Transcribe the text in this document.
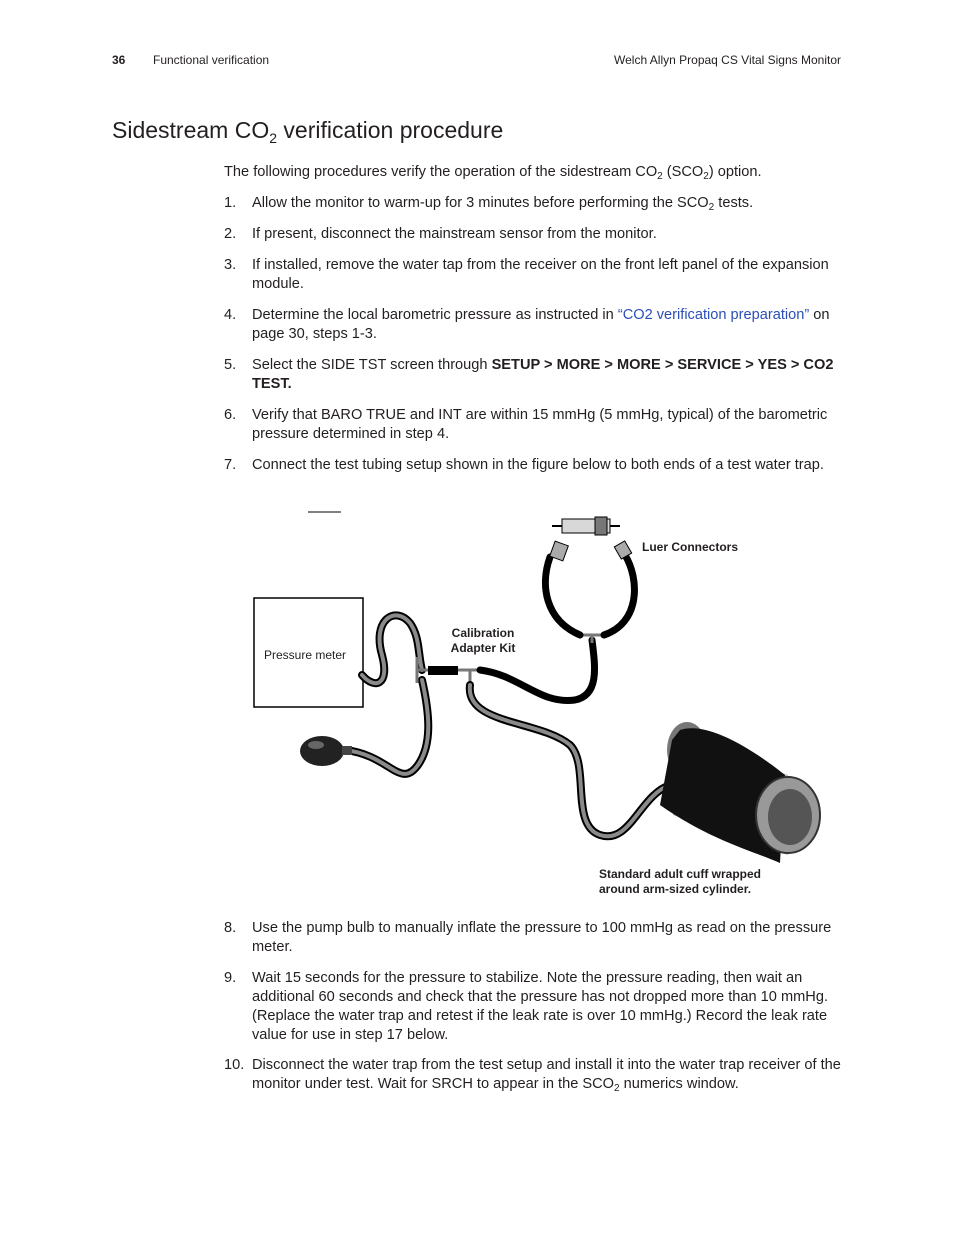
36 Functional verification	Welch Allyn Propaq CS Vital Signs Monitor
Sidestream $CO_2$ verification procedure
The following procedures verify the operation of the sidestream $CO_2$ $(SCO_2)$ option.
1. Allow the monitor to warm-up for 3 minutes before performing the $SCO_2$ tests.
2. If present, disconnect the mainstream sensor from the monitor.
3. If installed, remove the water tap from the receiver on the front left panel of the expansion module.
4. Determine the local barometric pressure as instructed in “CO2 verification preparation” on page 30, steps 1-3.
5. Select the SIDE TST screen through SETUP > MORE > MORE > SERVICE > YES > CO2 TEST.
6. Verify that BARO TRUE and INT are within 15 mmHg (5 mmHg, typical) of the barometric pressure determined in step 4.
7. Connect the test tubing setup shown in the figure below to both ends of a test water trap.
Luer Connectors
Calibration
Adapter Kit
Pressure meter
Standard adult cuff wrapped
around arm-sized cylinder.
8. Use the pump bulb to manually inflate the pressure to 100 mmHg as read on the pressure meter.
9. Wait 15 seconds for the pressure to stabilize. Note the pressure reading, then wait an additional 60 seconds and check that the pressure has not dropped more than 10 mmHg. (Replace the water trap and retest if the leak rate is over 10 mmHg.) Record the leak rate value for use in step 17 below.
10. Disconnect the water trap from the test setup and install it into the water trap receiver of the monitor under test. Wait for SRCH to appear in the $SCO_2$ numerics window.
